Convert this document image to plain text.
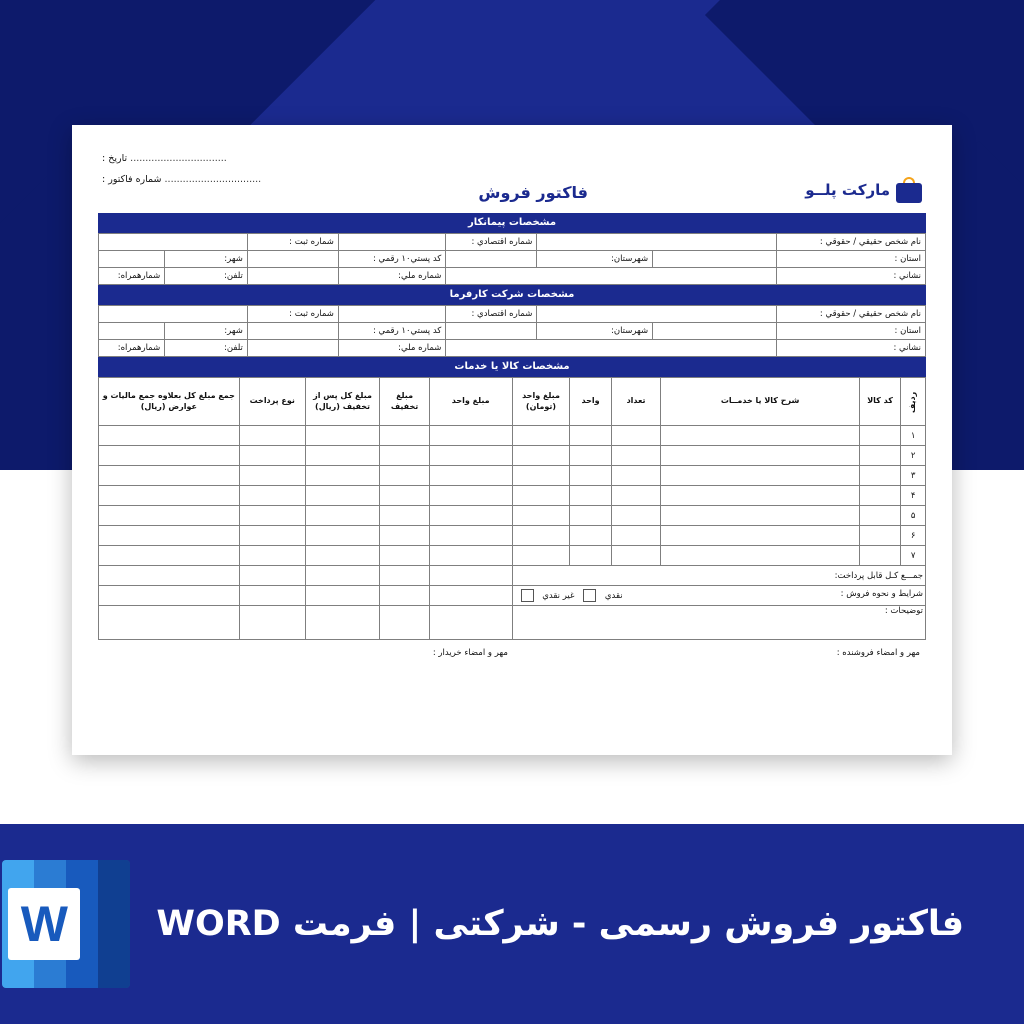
مارکت پلــو
فاکتور فروش
................................ تاریخ :
................................ شماره فاکتور :
مشخصات پیمانکار
نام شخص حقيقي / حقوقي :			شماره اقتصادي :		شماره ثبت :		
استان :		شهرستان:		کد پستي۱۰ رقمي :		شهر:	
نشاني :				شماره ملي:		تلفن:	شمارهمراه:
مشخصات شرکت کارفرما
نام شخص حقيقي / حقوقي :			شماره اقتصادي :		شماره ثبت :		
استان :		شهرستان:		کد پستي۱۰ رقمي :		شهر:	
نشاني :				شماره ملي:		تلفن:	شمارهمراه:
مشخصات کالا یا خدمات
ردیف	کد کالا	شرح کالا یا خدمــات	تعداد	واحد	مبلغ واحد (تومان)	مبلغ واحد	مبلغ تخفیف	مبلغ کل پس از تخفیف (ریال)	نوع پرداخت	جمع مبلغ کل بعلاوه جمع مالیات و عوارض (ریال)
۱										
۲										
۳										
۴										
۵										
۶										
۷										
جمـــع کـل قابل پرداخت:										
شرایط و نحوه فروش :
نقدي  غير نقدي										

توضیحات :										
مهر و امضاء فروشنده :
مهر و امضاء خریدار :
W	فاکتور فروش رسمی - شرکتی | فرمت WORD
